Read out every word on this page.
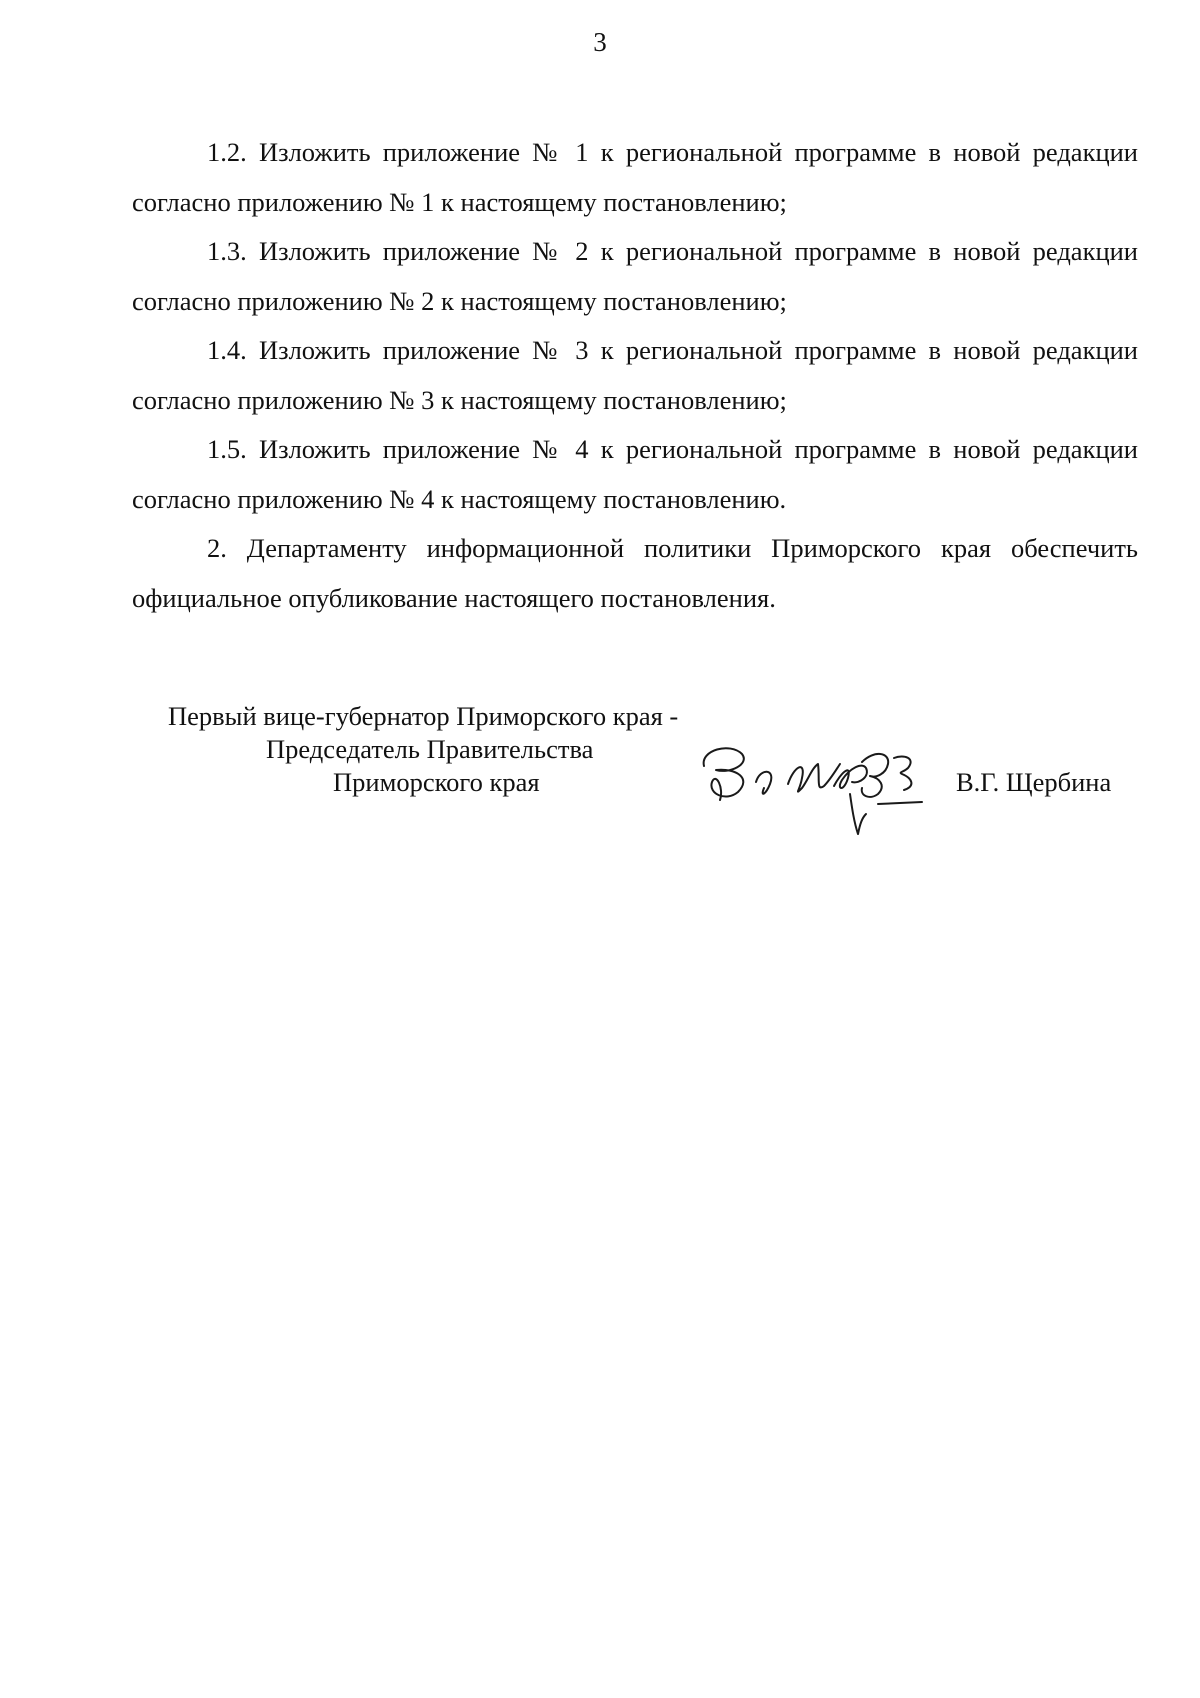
3

1.2. Изложить приложение № 1 к региональной программе в новой редакции согласно приложению № 1 к настоящему постановлению;

1.3. Изложить приложение № 2 к региональной программе в новой редакции согласно приложению № 2 к настоящему постановлению;

1.4. Изложить приложение № 3 к региональной программе в новой редакции согласно приложению № 3 к настоящему постановлению;

1.5. Изложить приложение № 4 к региональной программе в новой редакции согласно приложению № 4 к настоящему постановлению.

2. Департаменту информационной политики Приморского края обеспечить официальное опубликование настоящего постановления.

Первый вице-губернатор Приморского края -
Председатель Правительства
Приморского края	В.Г. Щербина
